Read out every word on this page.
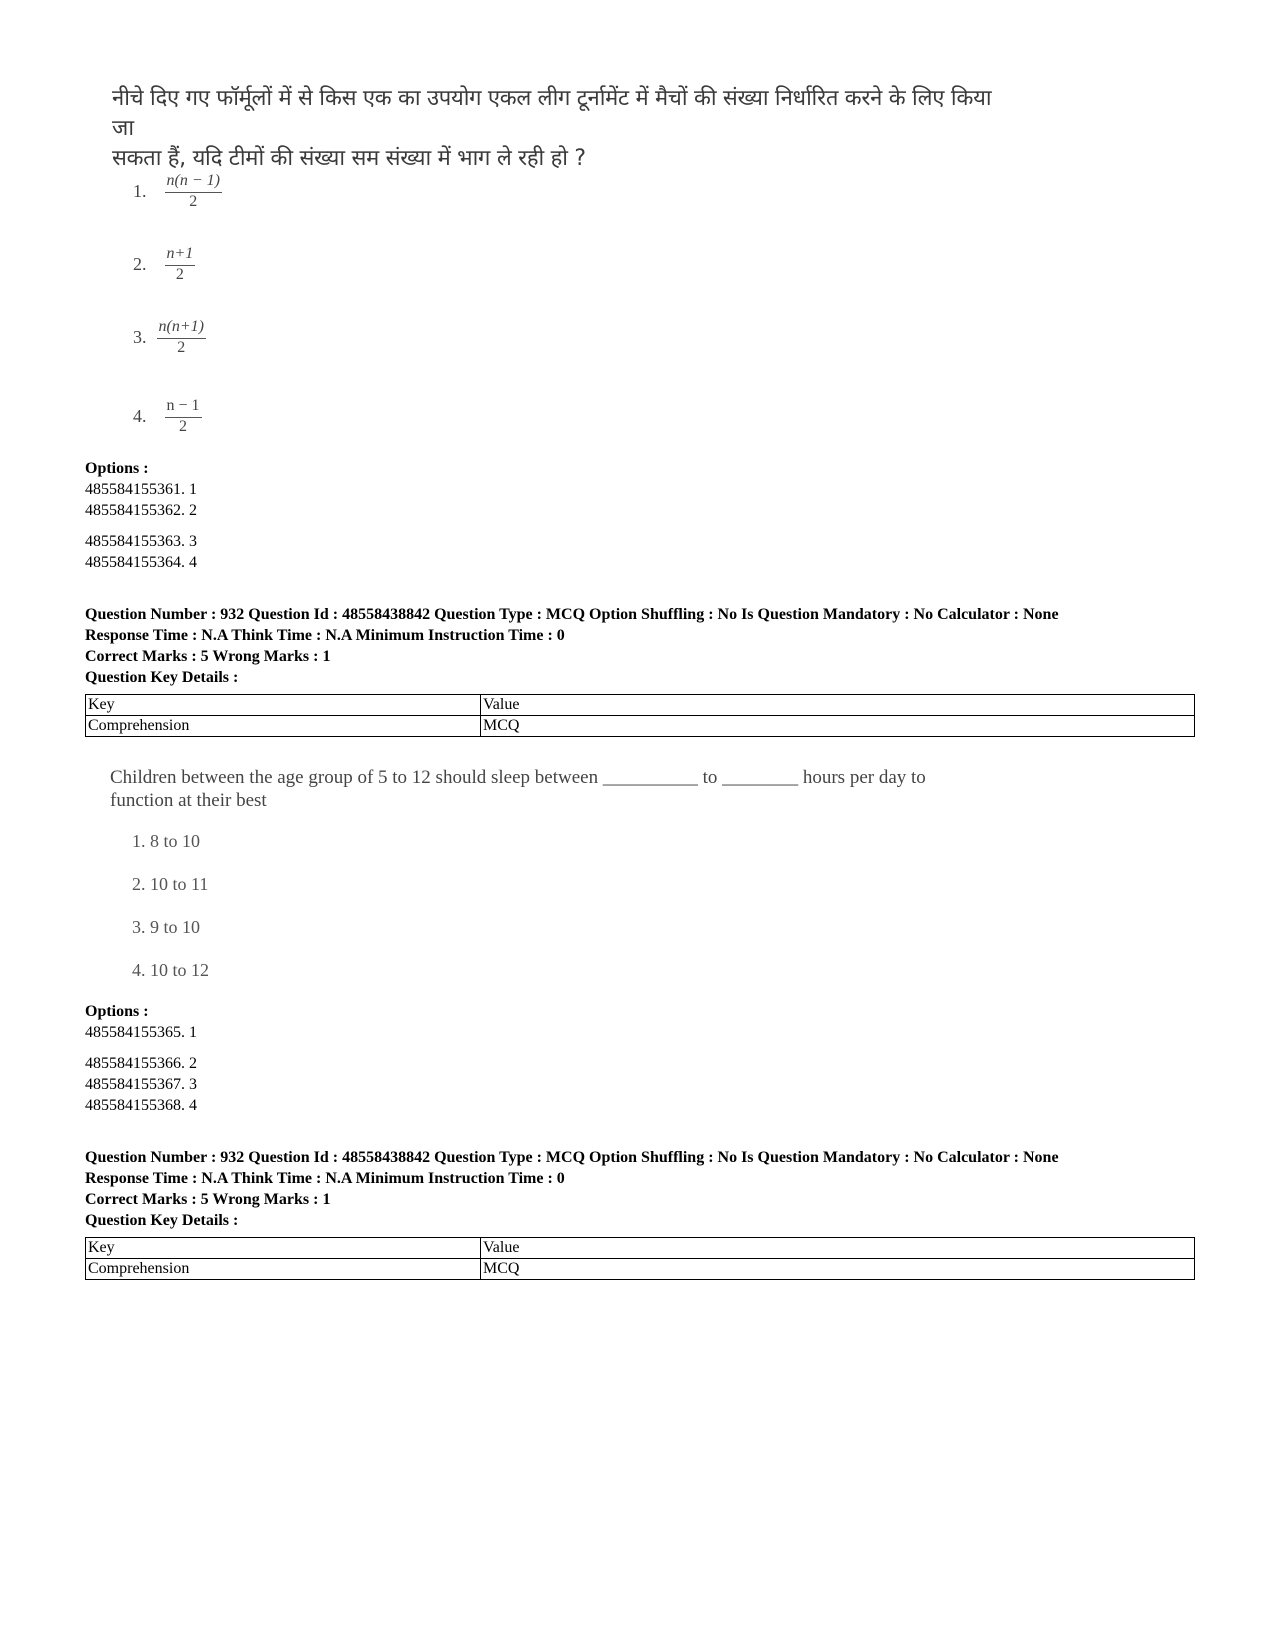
नीचे दिए गए फॉर्मूलों में से किस एक का उपयोग एकल लीग टूर्नामेंट में मैचों की संख्या निर्धारित करने के लिए किया जा
सकता हैं, यदि टीमों की संख्या सम संख्या में भाग ले रही हो ?
1. $\frac{n(n - 1)}{2}$
2. $\frac{n+1}{2}$
3. $\frac{n(n+1)}{2}$
4. $\frac{n - 1}{2}$
Options :
485584155361. 1
485584155362. 2
485584155363. 3
485584155364. 4
Question Number : 932 Question Id : 48558438842 Question Type : MCQ Option Shuffling : No Is Question Mandatory : No Calculator : None
Response Time : N.A Think Time : N.A Minimum Instruction Time : 0
Correct Marks : 5 Wrong Marks : 1
Question Key Details :
Key	Value
Comprehension	MCQ
Children between the age group of 5 to 12 should sleep between __________ to ________ hours per day to
function at their best
1. 8 to 10
2. 10 to 11
3. 9 to 10
4. 10 to 12
Options :
485584155365. 1
485584155366. 2
485584155367. 3
485584155368. 4
Question Number : 932 Question Id : 48558438842 Question Type : MCQ Option Shuffling : No Is Question Mandatory : No Calculator : None
Response Time : N.A Think Time : N.A Minimum Instruction Time : 0
Correct Marks : 5 Wrong Marks : 1
Question Key Details :
Key	Value
Comprehension	MCQ
